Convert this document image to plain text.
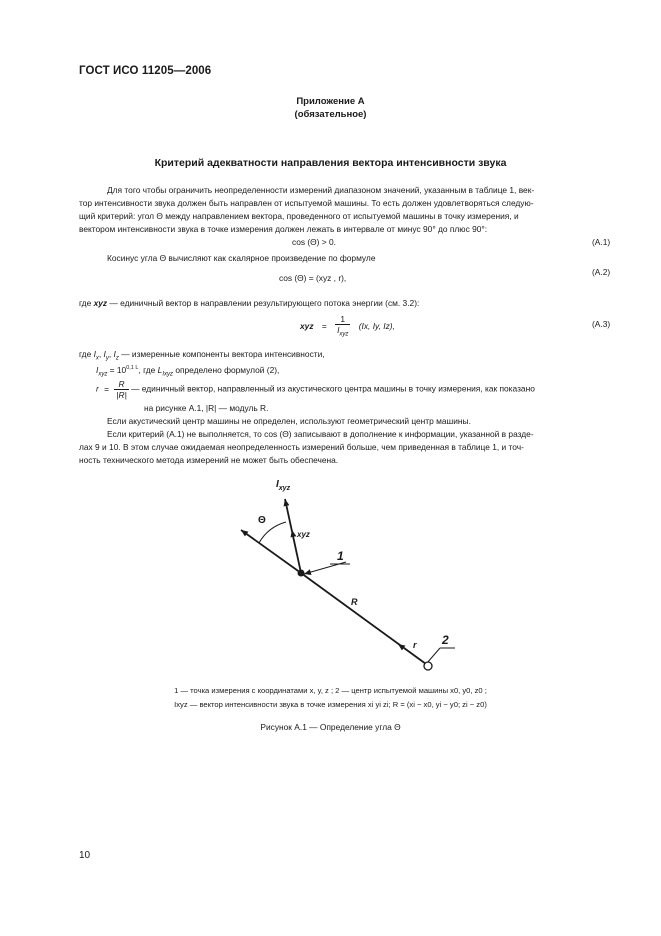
ГОСТ ИСО 11205—2006
Приложение А
(обязательное)
Критерий адекватности направления вектора интенсивности звука
Для того чтобы ограничить неопределенности измерений диапазоном значений, указанным в таблице 1, век-
тор интенсивности звука должен быть направлен от испытуемой машины. То есть должен удовлетворяться следую-
щий критерий: угол Θ между направлением вектора, проведенного от испытуемой машины в точку измерения, и
вектором интенсивности звука в точке измерения должен лежать в интервале от минус 90° до плюс 90°:
cos (Θ) > 0.	(А.1)
Косинус угла Θ вычисляют как скалярное произведение по формуле
cos (Θ) = (xyz , r),
(А.2)
где xyz — единичный вектор в направлении результирующего потока энергии (см. 3.2):
xyz = $\frac{1}{I_{xyz}} (Ix$, Iy, Iz),	(А.3)
где $I_x$, $I_y$, $I_z$ — измеренные компоненты вектора интенсивности,
$I_{xyz} = 10^{0,1 L}$, где $L_{Ixyz}$ определено формулой (2),
$r = \frac{R}{|R|}$ — единичный вектор, направленный из акустического центра машины в точку измерения, как показано
на рисунке А.1, |R| — модуль R.
Если акустический центр машины не определен, используют геометрический центр машины.
Если критерий (А.1) не выполняется, то cos (Θ) записывают в дополнение к информации, указанной в разде-
лах 9 и 10. В этом случае ожидаемая неопределенность измерений больше, чем приведенная в таблице 1, и точ-
ность технического метода измерений не может быть обеспечена.
$I_{xyz}$
Θ
xyz
R
r
1
2
1 — точка измерения с координатами x, y, z ; 2 — центр испытуемой машины x0, y0, z0 ;
Ixyz — вектор интенсивности звука в точке измерения xi yi zi; R = (xi − x0, yi − y0; zi − z0)
Рисунок А.1 — Определение угла Θ
10
